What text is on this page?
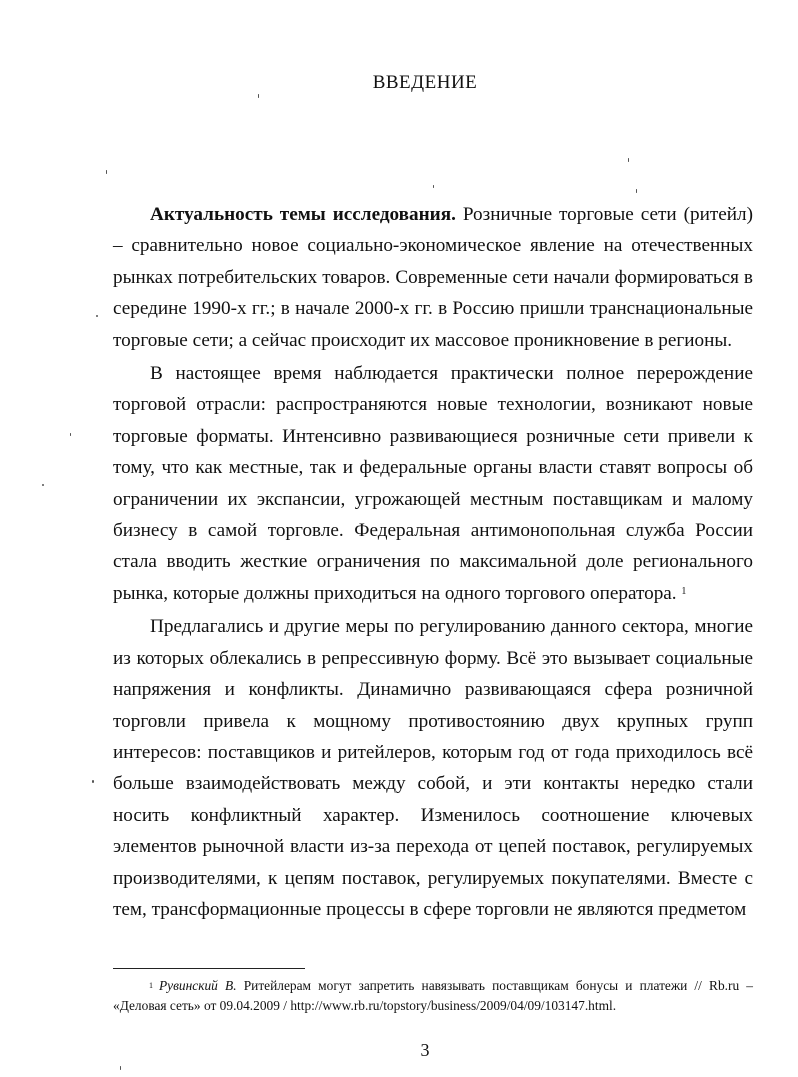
ВВЕДЕНИЕ

Актуальность темы исследования. Розничные торговые сети (ритейл) – сравнительно новое социально-экономическое явление на отечественных рынках потребительских товаров. Современные сети начали формироваться в середине 1990-х гг.; в начале 2000-х гг. в Россию пришли транснациональные торговые сети; а сейчас происходит их массовое проникновение в регионы.

В настоящее время наблюдается практически полное перерождение торговой отрасли: распространяются новые технологии, возникают новые торговые форматы. Интенсивно развивающиеся розничные сети привели к тому, что как местные, так и федеральные органы власти ставят вопросы об ограничении их экспансии, угрожающей местным поставщикам и малому бизнесу в самой торговле. Федеральная антимонопольная служба России стала вводить жесткие ограничения по максимальной доле регионального рынка, которые должны приходиться на одного торгового оператора. $^1$

Предлагались и другие меры по регулированию данного сектора, многие из которых облекались в репрессивную форму. Всё это вызывает социальные напряжения и конфликты. Динамично развивающаяся сфера розничной торговли привела к мощному противостоянию двух крупных групп интересов: поставщиков и ритейлеров, которым год от года приходилось всё больше взаимодействовать между собой, и эти контакты нередко стали носить конфликтный характер. Изменилось соотношение ключевых элементов рыночной власти из-за перехода от цепей поставок, регулируемых производителями, к цепям поставок, регулируемых покупателями. Вместе с тем, трансформационные процессы в сфере торговли не являются предметом

$^1$ Рувинский В. Ритейлерам могут запретить навязывать поставщикам бонусы и платежи // Rb.ru – «Деловая сеть» от 09.04.2009 / http://www.rb.ru/topstory/business/2009/04/09/103147.html.
3
